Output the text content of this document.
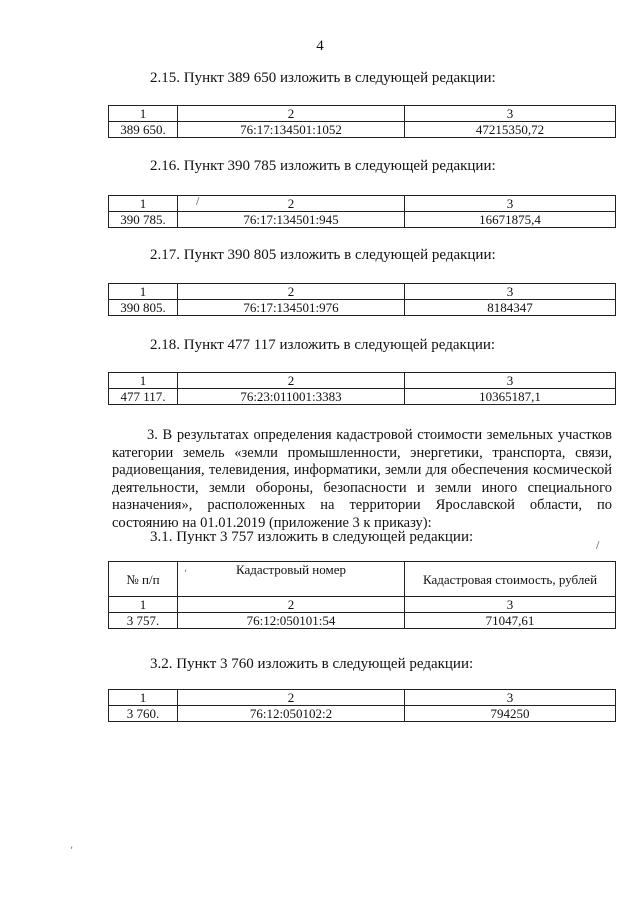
4
2.15. Пункт 389 650 изложить в следующей редакции:
1	2	3
389 650.	76:17:134501:1052	47215350,72
2.16. Пункт 390 785 изложить в следующей редакции:
1	2	3
390 785.	76:17:134501:945	16671875,4
2.17. Пункт 390 805 изложить в следующей редакции:
1	2	3
390 805.	76:17:134501:976	8184347
2.18. Пункт 477 117 изложить в следующей редакции:
1	2	3
477 117.	76:23:011001:3383	10365187,1
3. В результатах определения кадастровой стоимости земельных участков категории земель «земли промышленности, энергетики, транспорта, связи, радиовещания, телевидения, информатики, земли для обеспечения космической деятельности, земли обороны, безопасности и земли иного специального назначения», расположенных на территории Ярославской области, по состоянию на 01.01.2019 (приложение 3 к приказу):
3.1. Пункт 3 757 изложить в следующей редакции:
№ п/п	Кадастровый номер	Кадастровая стоимость, рублей
1	2	3
3 757.	76:12:050101:54	71047,61
3.2. Пункт 3 760 изложить в следующей редакции:
1	2	3
3 760.	76:12:050102:2	794250
/
,
/
,
